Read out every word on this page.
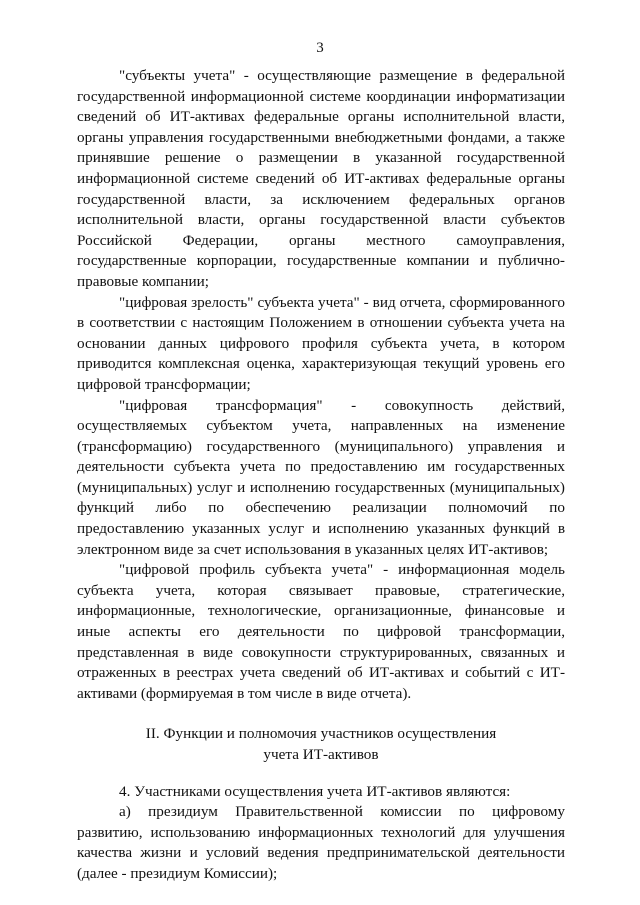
3

"субъекты учета" - осуществляющие размещение в федеральной государственной информационной системе координации информатизации сведений об ИТ-активах федеральные органы исполнительной власти, органы управления государственными внебюджетными фондами, а также принявшие решение о размещении в указанной государственной информационной системе сведений об ИТ-активах федеральные органы государственной власти, за исключением федеральных органов исполнительной власти, органы государственной власти субъектов Российской Федерации, органы местного самоуправления, государственные корпорации, государственные компании и публично-правовые компании;

"цифровая зрелость" субъекта учета" - вид отчета, сформированного в соответствии с настоящим Положением в отношении субъекта учета на основании данных цифрового профиля субъекта учета, в котором приводится комплексная оценка, характеризующая текущий уровень его цифровой трансформации;

"цифровая трансформация" - совокупность действий, осуществляемых субъектом учета, направленных на изменение (трансформацию) государственного (муниципального) управления и деятельности субъекта учета по предоставлению им государственных (муниципальных) услуг и исполнению государственных (муниципальных) функций либо по обеспечению реализации полномочий по предоставлению указанных услуг и исполнению указанных функций в электронном виде за счет использования в указанных целях ИТ-активов;

"цифровой профиль субъекта учета" - информационная модель субъекта учета, которая связывает правовые, стратегические, информационные, технологические, организационные, финансовые и иные аспекты его деятельности по цифровой трансформации, представленная в виде совокупности структурированных, связанных и отраженных в реестрах учета сведений об ИТ-активах и событий с ИТ-активами (формируемая в том числе в виде отчета).

II. Функции и полномочия участников осуществления
учета ИТ-активов

4. Участниками осуществления учета ИТ-активов являются:

а) президиум Правительственной комиссии по цифровому развитию, использованию информационных технологий для улучшения качества жизни и условий ведения предпринимательской деятельности (далее - президиум Комиссии);
